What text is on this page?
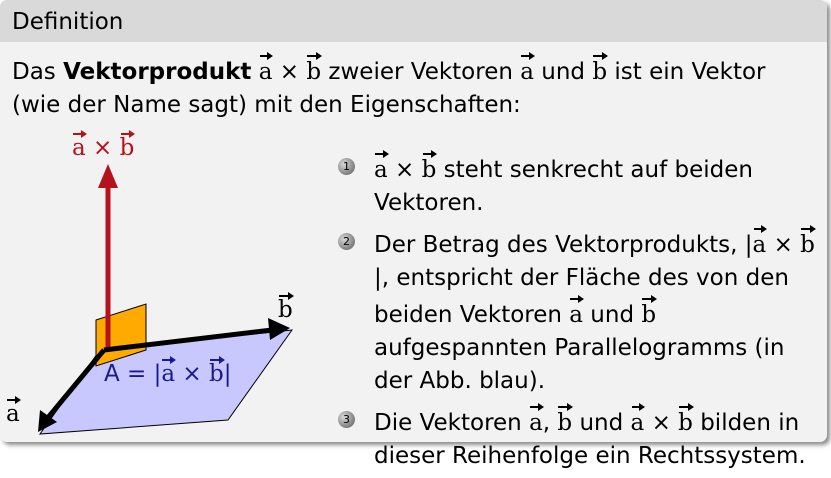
Definition
Das Vektorprodukt a × b zweier Vektoren a und b ist ein Vektor (wie der Name sagt) mit den Eigenschaften:
a × b
b
a
A = |a × b|
1 a × b steht senkrecht auf beiden Vektoren.
2 Der Betrag des Vektorprodukts, |a × b|, entspricht der Fläche des von den beiden Vektoren a und b aufgespannten Parallelogramms (in der Abb. blau).
3 Die Vektoren a, b und a × b bilden in dieser Reihenfolge ein Rechtssystem.
